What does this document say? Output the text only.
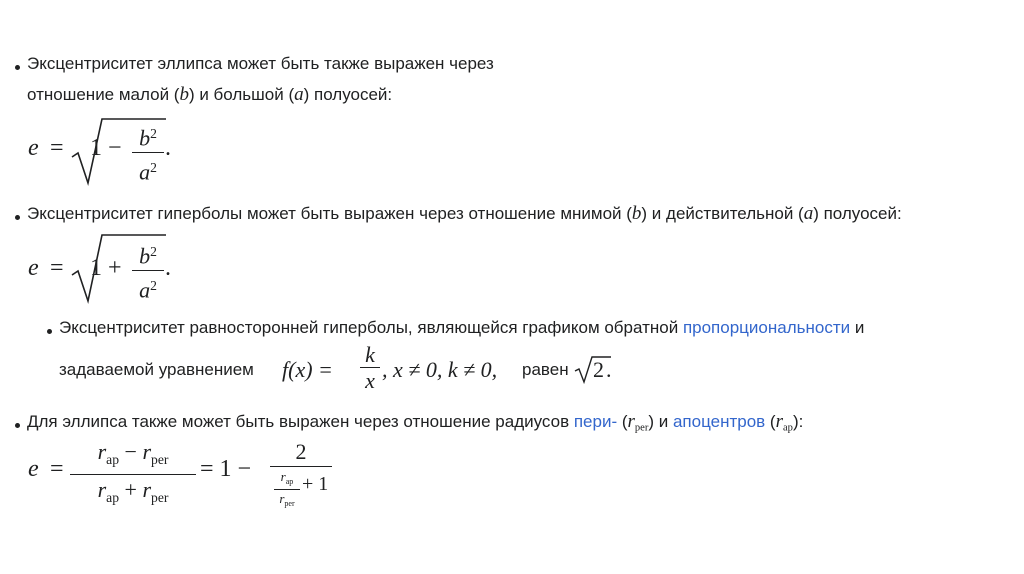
Эксцентриситет эллипса может быть также выражен через
отношение малой (b) и большой (a) полуосей:
$e = 1 - \frac{b^2}{a^2}$ .
Эксцентриситет гиперболы может быть выражен через отношение мнимой (b) и действительной (a) полуосей:
$e = 1 + \frac{b^2}{a^2}$ .
Эксцентриситет равносторонней гиперболы, являющейся графиком обратной пропорциональности и
задаваемой уравнением $f(x) = \frac{k}{x}$ , x ≠ 0, k ≠ 0, равен 2 .
Для эллипса также может быть выражен через отношение радиусов пери- $(r_{per})$ и апоцентров $(r_{ap})$:
e =
$r_{ap} - r_{per}$
$r_{ap} + r_{per}$
= 1 −
2
$r_{ap}$
$r_{per}$
+ 1
